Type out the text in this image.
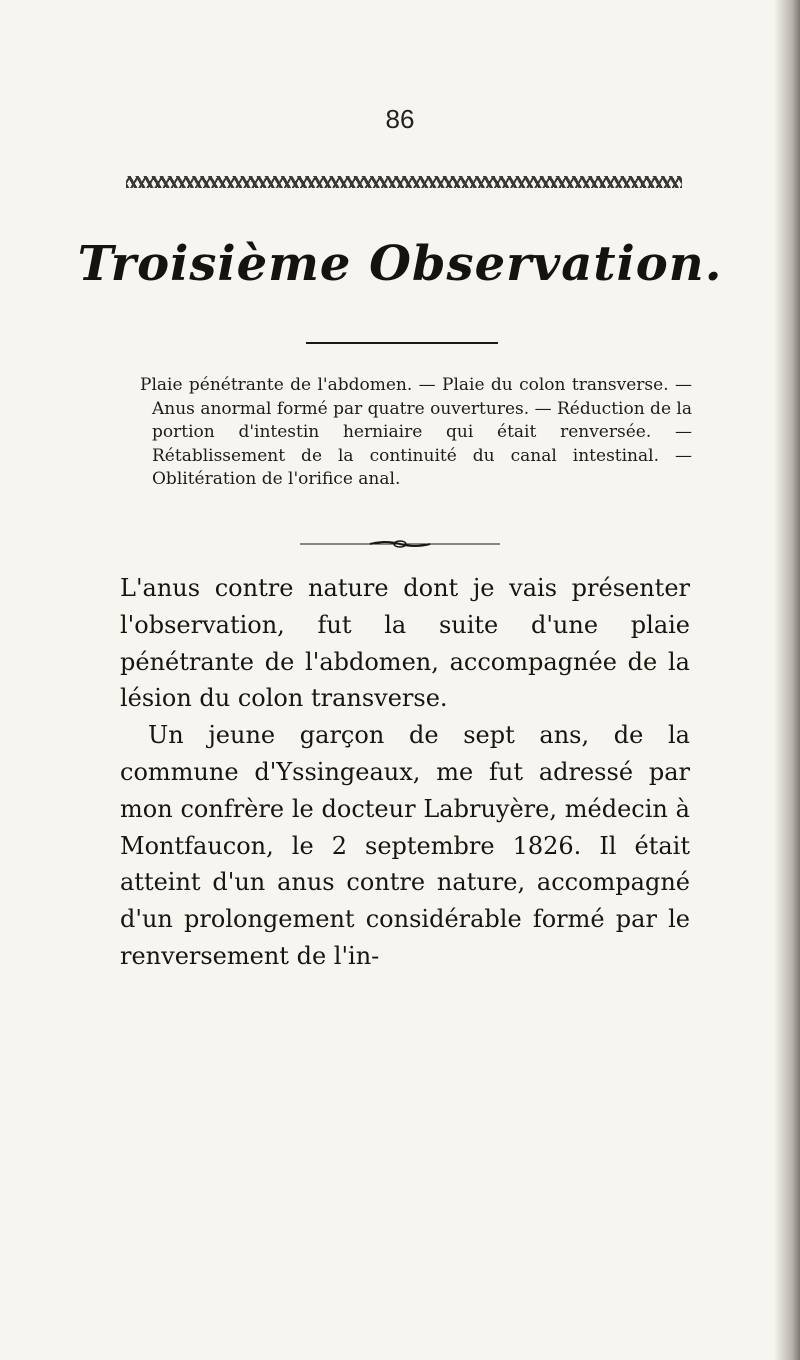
86
Troisième Observation.
Plaie pénétrante de l'abdomen. — Plaie du colon transverse. — Anus anormal formé par quatre ouvertures. — Réduction de la portion d'intestin herniaire qui était renversée. — Rétablissement de la continuité du canal intestinal. — Oblitération de l'orifice anal.

L'anus contre nature dont je vais présenter l'observation, fut la suite d'une plaie pénétrante de l'abdomen, accompagnée de la lésion du colon transverse.

Un jeune garçon de sept ans, de la commune d'Yssingeaux, me fut adressé par mon confrère le docteur Labruyère, médecin à Montfaucon, le 2 septembre 1826. Il était atteint d'un anus contre nature, accompagné d'un prolongement considérable formé par le renversement de l'in-
